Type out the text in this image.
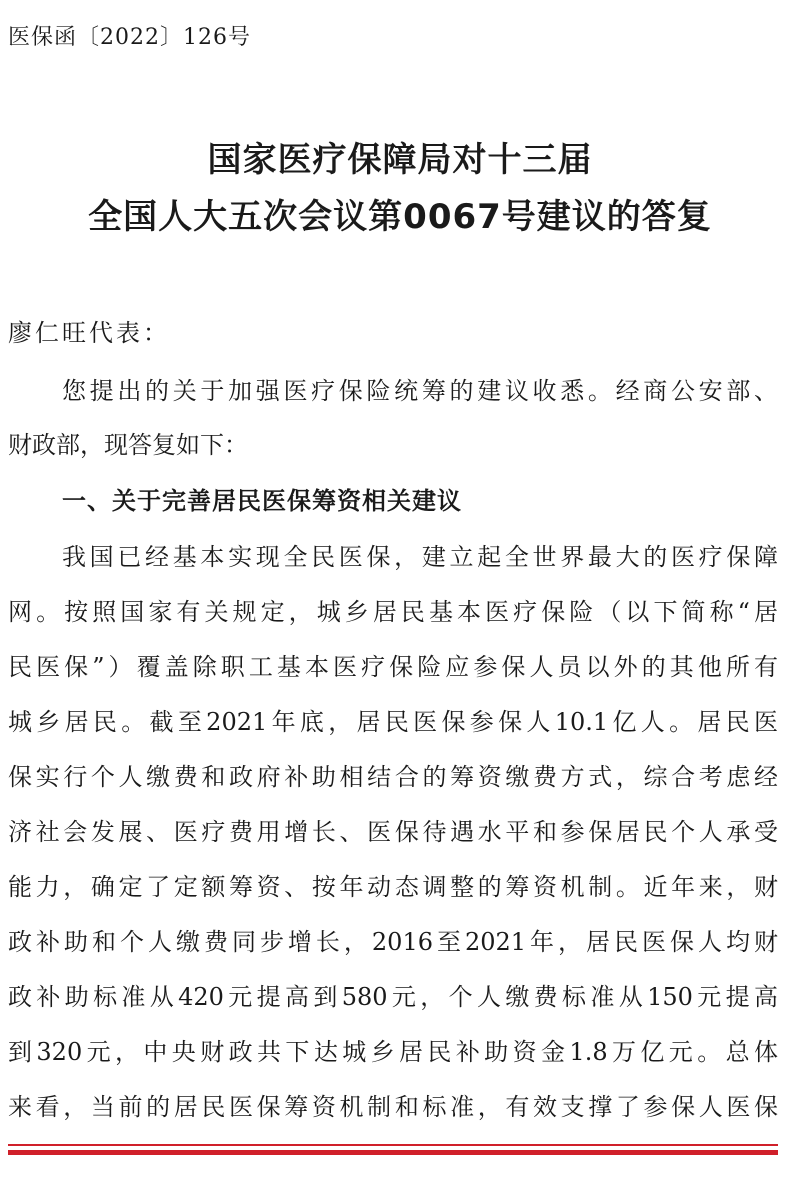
医保函〔2022〕126号
国家医疗保障局对十三届
全国人大五次会议第0067号建议的答复
廖仁旺代表：
您提出的关于加强医疗保险统筹的建议收悉。经商公安部、
财政部，现答复如下：
一、关于完善居民医保筹资相关建议
我国已经基本实现全民医保，建立起全世界最大的医疗保障
网。按照国家有关规定，城乡居民基本医疗保险（以下简称“居
民医保”）覆盖除职工基本医疗保险应参保人员以外的其他所有
城乡居民。截至2021年底，居民医保参保人10.1亿人。居民医
保实行个人缴费和政府补助相结合的筹资缴费方式，综合考虑经
济社会发展、医疗费用增长、医保待遇水平和参保居民个人承受
能力，确定了定额筹资、按年动态调整的筹资机制。近年来，财
政补助和个人缴费同步增长，2016至2021年，居民医保人均财
政补助标准从420元提高到580元，个人缴费标准从150元提高
到320元，中央财政共下达城乡居民补助资金1.8万亿元。总体
来看，当前的居民医保筹资机制和标准，有效支撑了参保人医保
